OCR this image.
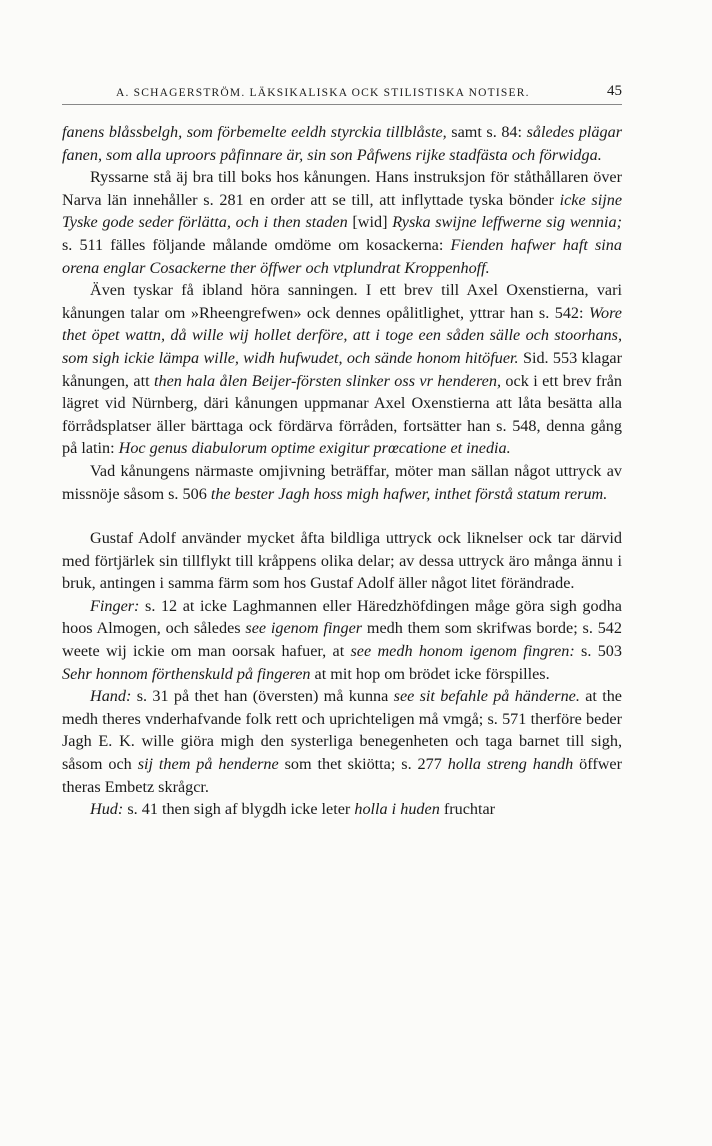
A. SCHAGERSTRÖM. LÄKSIKALISKA OCK STILISTISKA NOTISER.	45

fanens blåssbelgh, som förbemelte eeldh styrckia tillblåste, samt s. 84: således plägar fanen, som alla uproors påfinnare är, sin son Påfwens rijke stadfästa och förwidga.

Ryssarne stå äj bra till boks hos kånungen. Hans instruksjon för ståthållaren över Narva län innehåller s. 281 en order att se till, att inflyttade tyska bönder icke sijne Tyske gode seder förlätta, och i then staden [wid] Ryska swijne leffwerne sig wennia; s. 511 fälles följande målande omdöme om kosackerna: Fienden hafwer haft sina orena englar Cosackerne ther öffwer och vtplundrat Kroppenhoff.

Även tyskar få ibland höra sanningen. I ett brev till Axel Oxenstierna, vari kånungen talar om »Rheengrefwen» ock dennes opålitlighet, yttrar han s. 542: Wore thet öpet wattn, då wille wij hollet derföre, att i toge een såden sälle och stoorhans, som sigh ickie lämpa wille, widh hufwudet, och sände honom hitöfuer. Sid. 553 klagar kånungen, att then hala ålen Beijer-försten slinker oss vr henderen, ock i ett brev från lägret vid Nürnberg, däri kånungen uppmanar Axel Oxenstierna att låta besätta alla förrådsplatser äller bärttaga ock fördärva förråden, fortsätter han s. 548, denna gång på latin: Hoc genus diabulorum optime exigitur prœcatione et inedia.

Vad kånungens närmaste omjivning beträffar, möter man sällan något uttryck av missnöje såsom s. 506 the bester Jagh hoss migh hafwer, inthet förstå statum rerum.

Gustaf Adolf använder mycket åfta bildliga uttryck ock liknelser ock tar därvid med förtjärlek sin tillflykt till kråppens olika delar; av dessa uttryck äro många ännu i bruk, antingen i samma färm som hos Gustaf Adolf äller något litet förändrade.

Finger: s. 12 at icke Laghmannen eller Häredzhöfdingen måge göra sigh godha hoos Almogen, och således see igenom finger medh them som skrifwas borde; s. 542 weete wij ickie om man oorsak hafuer, at see medh honom igenom fingren: s. 503 Sehr honnom förthenskuld på fingeren at mit hop om brödet icke förspilles.

Hand: s. 31 på thet han (översten) må kunna see sit befahle på händerne. at the medh theres vnderhafvande folk rett och uprichteligen må vmgå; s. 571 therföre beder Jagh E. K. wille giöra migh den systerliga benegenheten och taga barnet till sigh, såsom och sij them på henderne som thet skiötta; s. 277 holla streng handh öffwer theras Embetz skrågcr.

Hud: s. 41 then sigh af blygdh icke leter holla i huden fruchtar
